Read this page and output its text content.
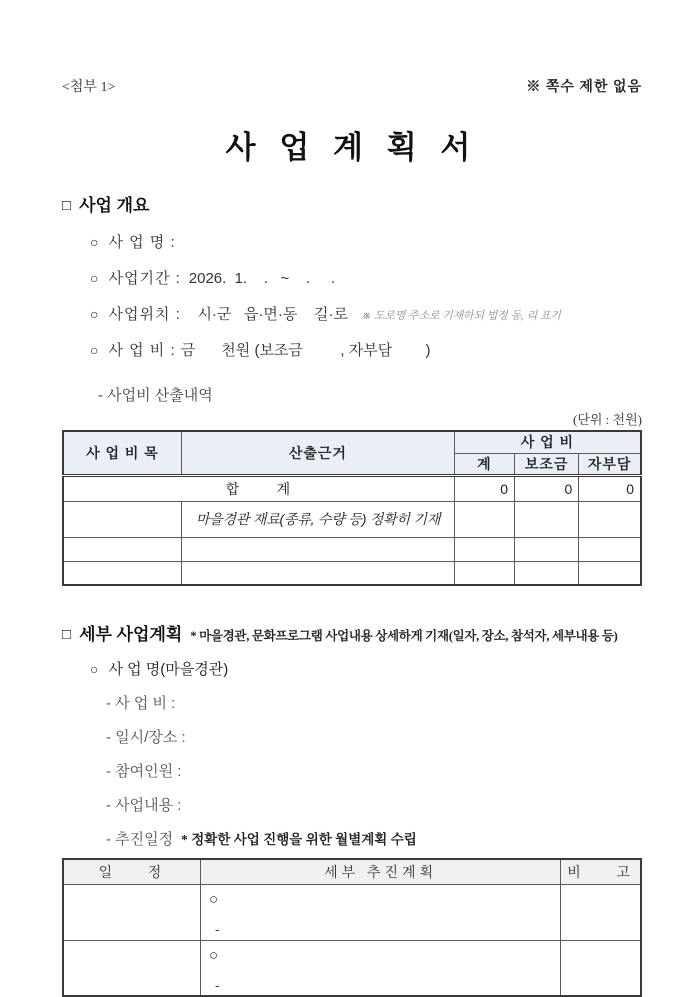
<첨부 1>	※ 쪽수 제한 없음
사 업 계 획 서
□ 사업 개요
○ 사 업 명 :
○ 사업기간 : 2026.  1.    .   ~    .     .
○ 사업위치 : 시·군   읍·면·동    길·로 ※ 도로명 주소로 기재하되 법정 동, 리 표기
○ 사 업 비 : 금 천원 (보조금         , 자부담        )
- 사업비 산출내역
(단위 : 천원)
사 업 비 목	산출근거	사 업 비		
		계	보조금	자부담
합      계		0	0	0
	마을경관 재료(종류, 수량 등) 정확히 기재			

□ 세부 사업계획 * 마을경관, 문화프로그램 사업내용 상세하게 기재(일자, 장소, 참석자, 세부내용 등)
○ 사 업 명(마을경관)
- 사 업 비 :
- 일시/장소 :
- 참여인원 :
- 사업내용 :
- 추진일정 * 정확한 사업 진행을 위한 월별계획 수립
일    정	세부 추진계획	비    고

	○
-	

	○
-	
